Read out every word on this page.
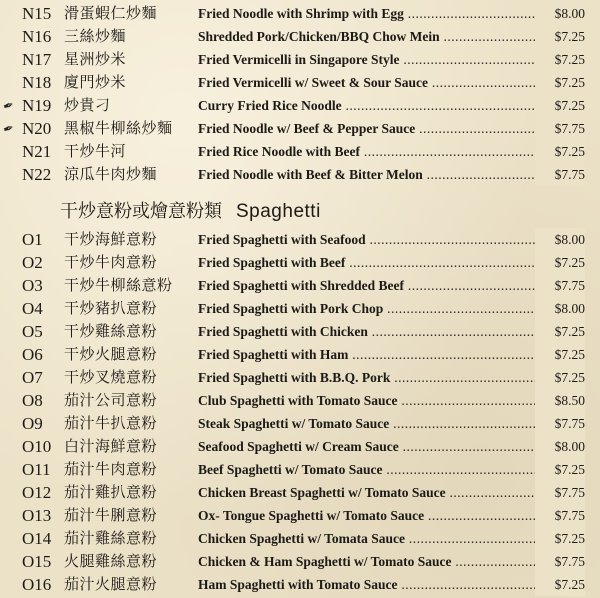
N15 滑蛋蝦仁炒麵	Fried Noodle with Shrimp with Egg .....	$8.00
N16 三絲炒麵	Shredded Pork/Chicken/BBQ Chow Mein .....	$7.25
N17 星洲炒米	Fried Vermicelli in Singapore Style .....	$7.25
N18 廈門炒米	Fried Vermicelli w/ Sweet & Sour Sauce .....	$7.25
✒ N19 炒貴刁	Curry Fried Rice Noodle .....	$7.25
✒ N20 黑椒牛柳絲炒麵 Fried Noodle w/ Beef & Pepper Sauce .....	$7.75
N21 干炒牛河	Fried Rice Noodle with Beef .....	$7.25
N22 涼瓜牛肉炒麵	Fried Noodle with Beef & Bitter Melon .....	$7.75
干炒意粉或燴意粉類 Spaghetti
O1 干炒海鮮意粉	Fried Spaghetti with Seafood .....	$8.00
O2 干炒牛肉意粉	Fried Spaghetti with Beef .....	$7.25
O3 干炒牛柳絲意粉 Fried Spaghetti with Shredded Beef .....	$7.75
O4 干炒豬扒意粉	Fried Spaghetti with Pork Chop .....	$8.00
O5 干炒雞絲意粉	Fried Spaghetti with Chicken .....	$7.25
O6 干炒火腿意粉	Fried Spaghetti with Ham .....	$7.25
O7 干炒叉燒意粉	Fried Spaghetti with B.B.Q. Pork .....	$7.25
O8 茄汁公司意粉	Club Spaghetti with Tomato Sauce .....	$8.50
O9 茄汁牛扒意粉	Steak Spaghetti w/ Tomato Sauce .....	$7.75
O10 白汁海鮮意粉	Seafood Spaghetti w/ Cream Sauce .....	$8.00
O11 茄汁牛肉意粉	Beef Spaghetti w/ Tomato Sauce .....	$7.25
O12 茄汁雞扒意粉	Chicken Breast Spaghetti w/ Tomato Sauce .....	$7.75
O13 茄汁牛脷意粉	Ox- Tongue Spaghetti w/ Tomato Sauce .....	$7.75
O14 茄汁雞絲意粉	Chicken Spaghetti w/ Tomata Sauce .....	$7.25
O15 火腿雞絲意粉	Chicken & Ham Spaghetti w/ Tomato Sauce .....	$7.75
O16 茄汁火腿意粉	Ham Spaghetti with Tomato Sauce .....	$7.25
